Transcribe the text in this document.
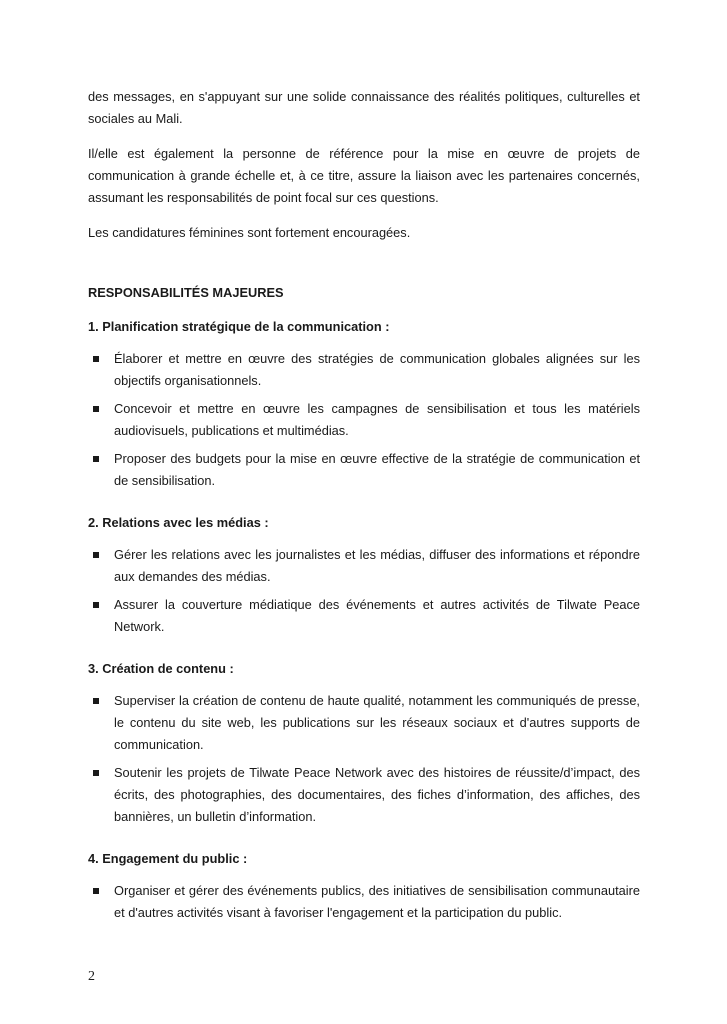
des messages, en s'appuyant sur une solide connaissance des réalités politiques, culturelles et sociales au Mali.

Il/elle est également la personne de référence pour la mise en œuvre de projets de communication à grande échelle et, à ce titre, assure la liaison avec les partenaires concernés, assumant les responsabilités de point focal sur ces questions.

Les candidatures féminines sont fortement encouragées.

RESPONSABILITÉS MAJEURES
1. Planification stratégique de la communication :
Élaborer et mettre en œuvre des stratégies de communication globales alignées sur les objectifs organisationnels.
Concevoir et mettre en œuvre les campagnes de sensibilisation et tous les matériels audiovisuels, publications et multimédias.
Proposer des budgets pour la mise en œuvre effective de la stratégie de communication et de sensibilisation.
2. Relations avec les médias :
Gérer les relations avec les journalistes et les médias, diffuser des informations et répondre aux demandes des médias.
Assurer la couverture médiatique des événements et autres activités de Tilwate Peace Network.
3. Création de contenu :
Superviser la création de contenu de haute qualité, notamment les communiqués de presse, le contenu du site web, les publications sur les réseaux sociaux et d'autres supports de communication.
Soutenir les projets de Tilwate Peace Network avec des histoires de réussite/d’impact, des écrits, des photographies, des documentaires, des fiches d’information, des affiches, des bannières, un bulletin d’information.
4. Engagement du public :
Organiser et gérer des événements publics, des initiatives de sensibilisation communautaire et d'autres activités visant à favoriser l'engagement et la participation du public.
2
